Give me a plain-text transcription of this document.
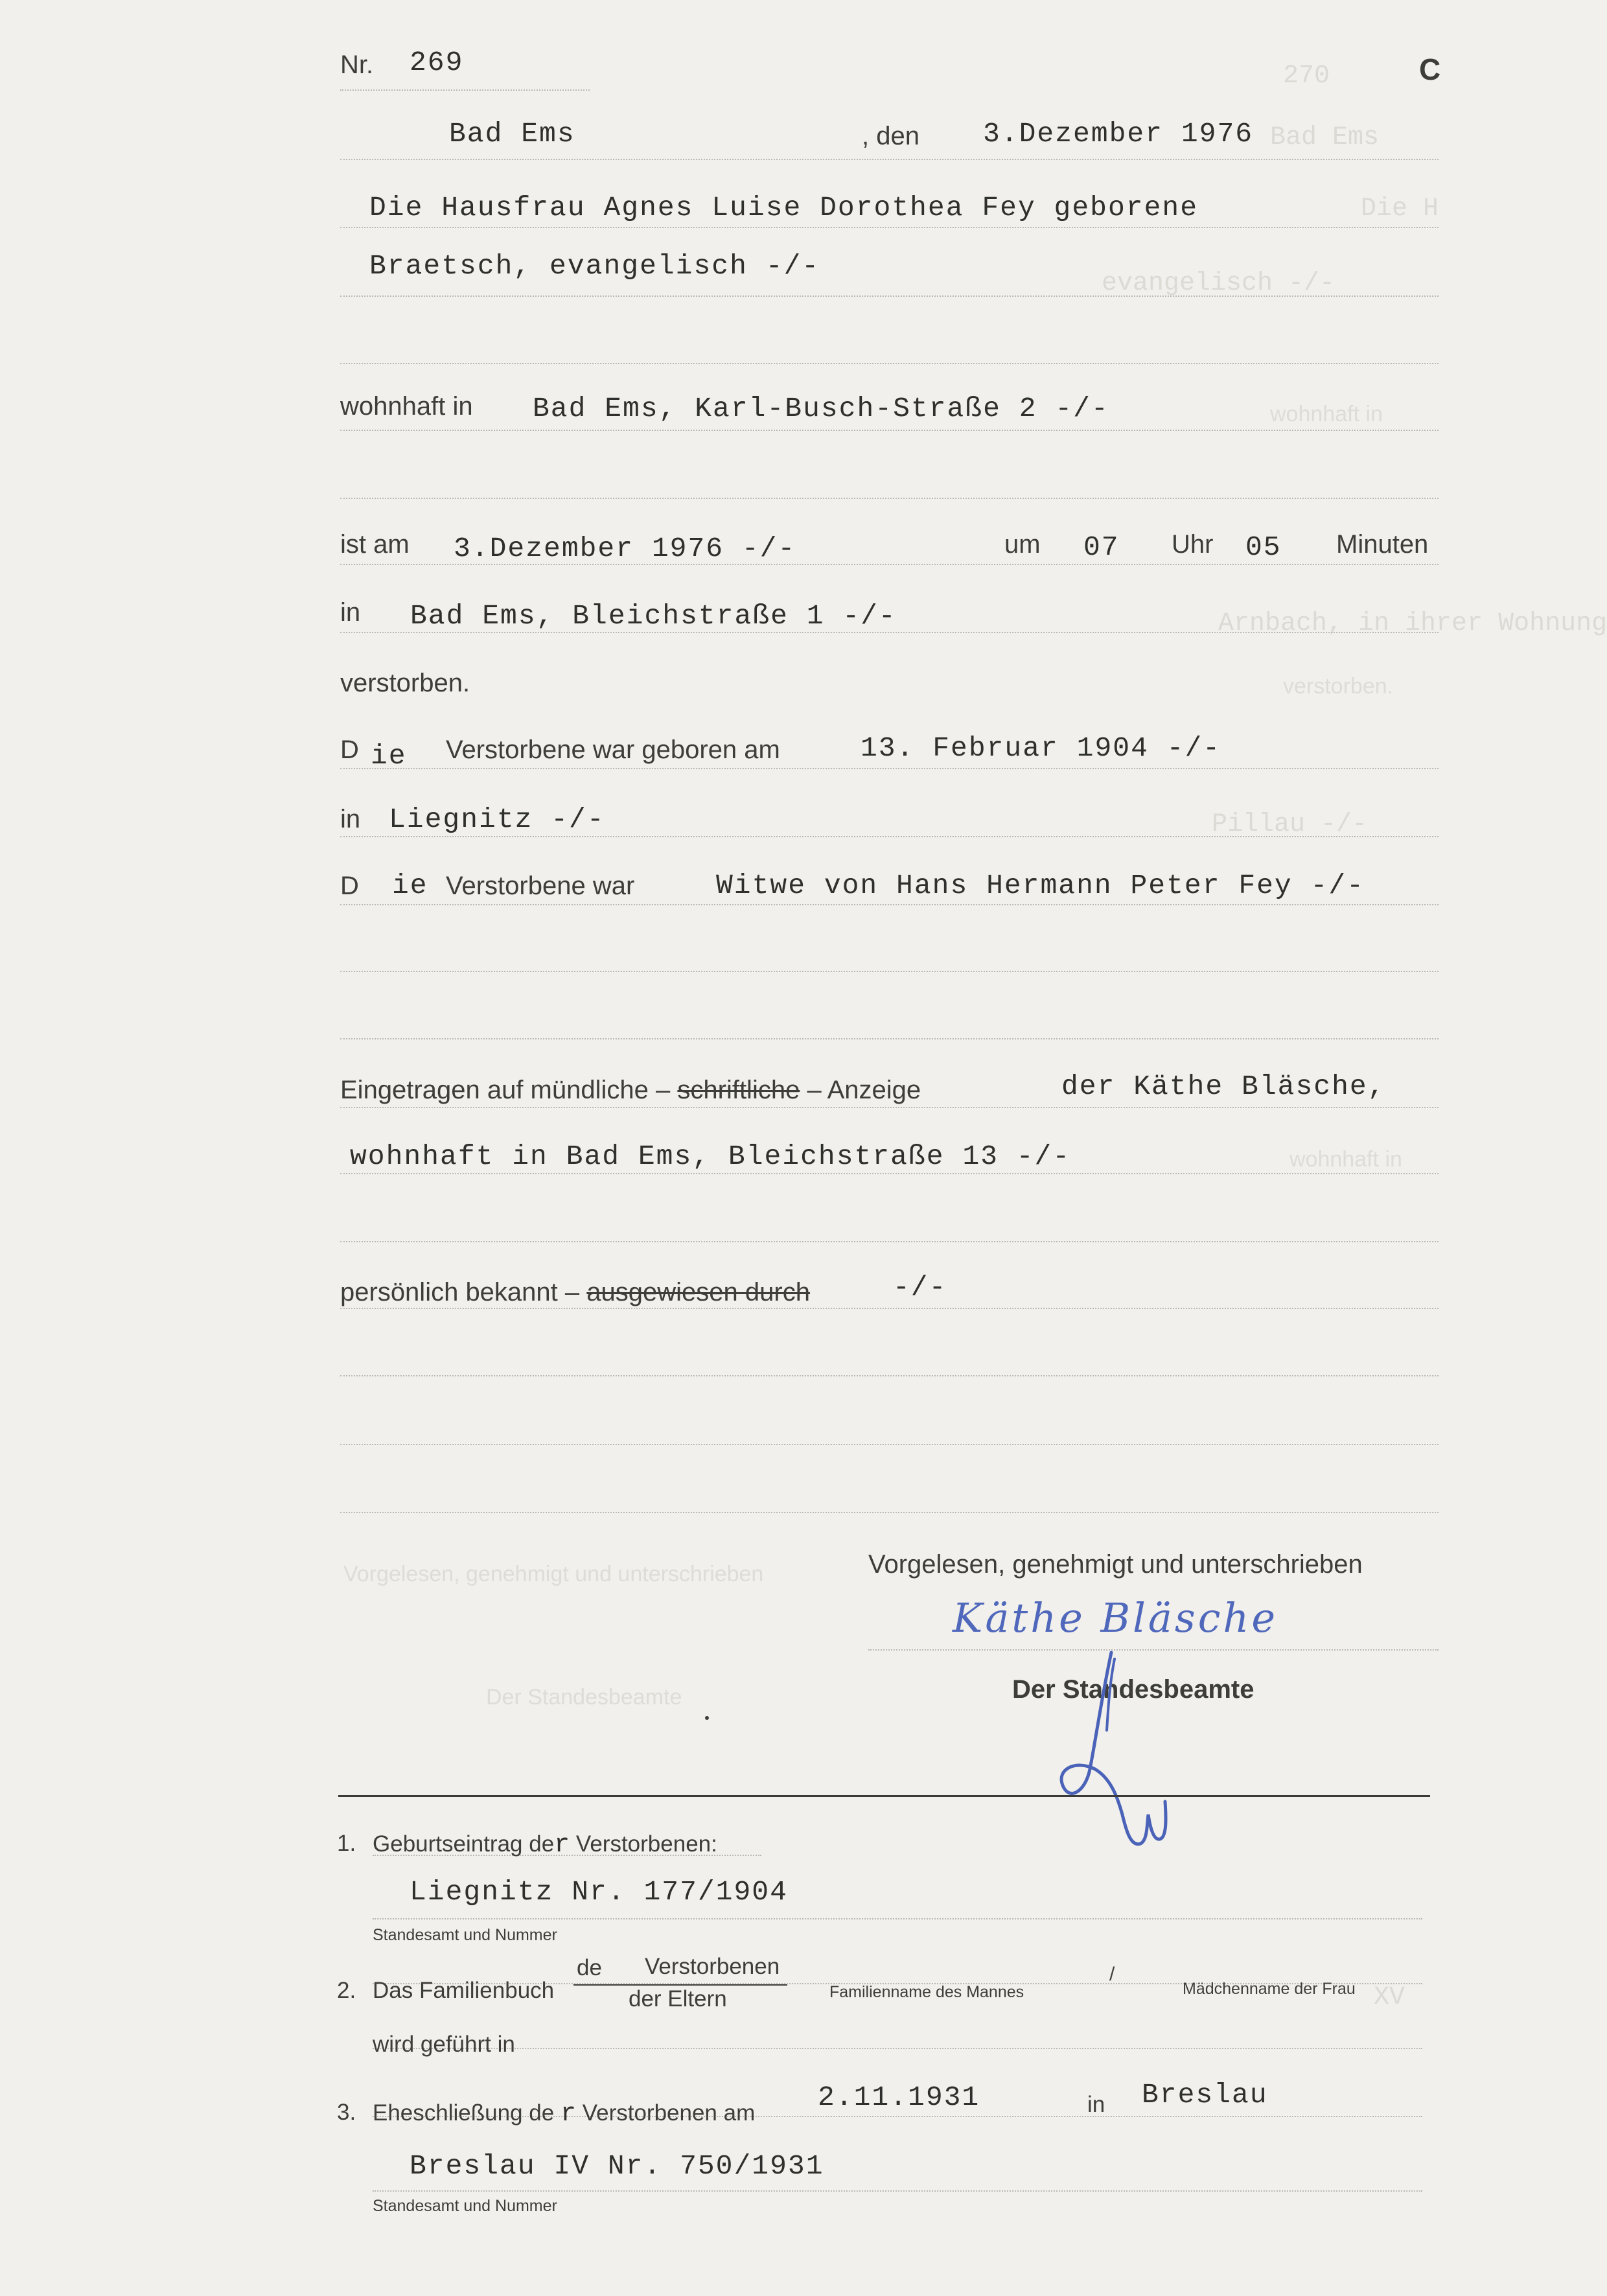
270
Bad Ems
Die H
evangelisch -/-
wohnhaft in
Arnbach, in ihrer Wohnung
verstorben.
Pillau -/-
wohnhaft in
Vorgelesen, genehmigt und unterschrieben
Der Standesbeamte
XV
Nr. 269	C
Bad Ems	, den 3.Dezember 1976
Die Hausfrau Agnes Luise Dorothea Fey geborene
Braetsch, evangelisch -/-
wohnhaft in Bad Ems, Karl-Busch-Straße 2 -/-
ist am 3.Dezember 1976 -/-	um 07 Uhr 05 Minuten
in Bad Ems, Bleichstraße 1 -/-
verstorben.
D ie Verstorbene war geboren am	13. Februar 1904 -/-
in Liegnitz -/-
D ie Verstorbene war	Witwe von Hans Hermann Peter Fey -/-
Eingetragen auf mündliche – schriftliche – Anzeige	der Käthe Bläsche,
wohnhaft in Bad Ems, Bleichstraße 13 -/-
persönlich bekannt – ausgewiesen durch	-/-
Vorgelesen, genehmigt und unterschrieben
Käthe Bläsche
Der Standesbeamte
1. Geburtseintrag der Verstorbenen:
Liegnitz Nr. 177/1904
Standesamt und Nummer
2. Das Familienbuch
de Verstorbenen
der Eltern	Familienname des Mannes
/
Mädchenname der Frau
wird geführt in
3. Eheschließung de r Verstorbenen am 2.11.1931	in Breslau
Breslau IV Nr. 750/1931
Standesamt und Nummer
